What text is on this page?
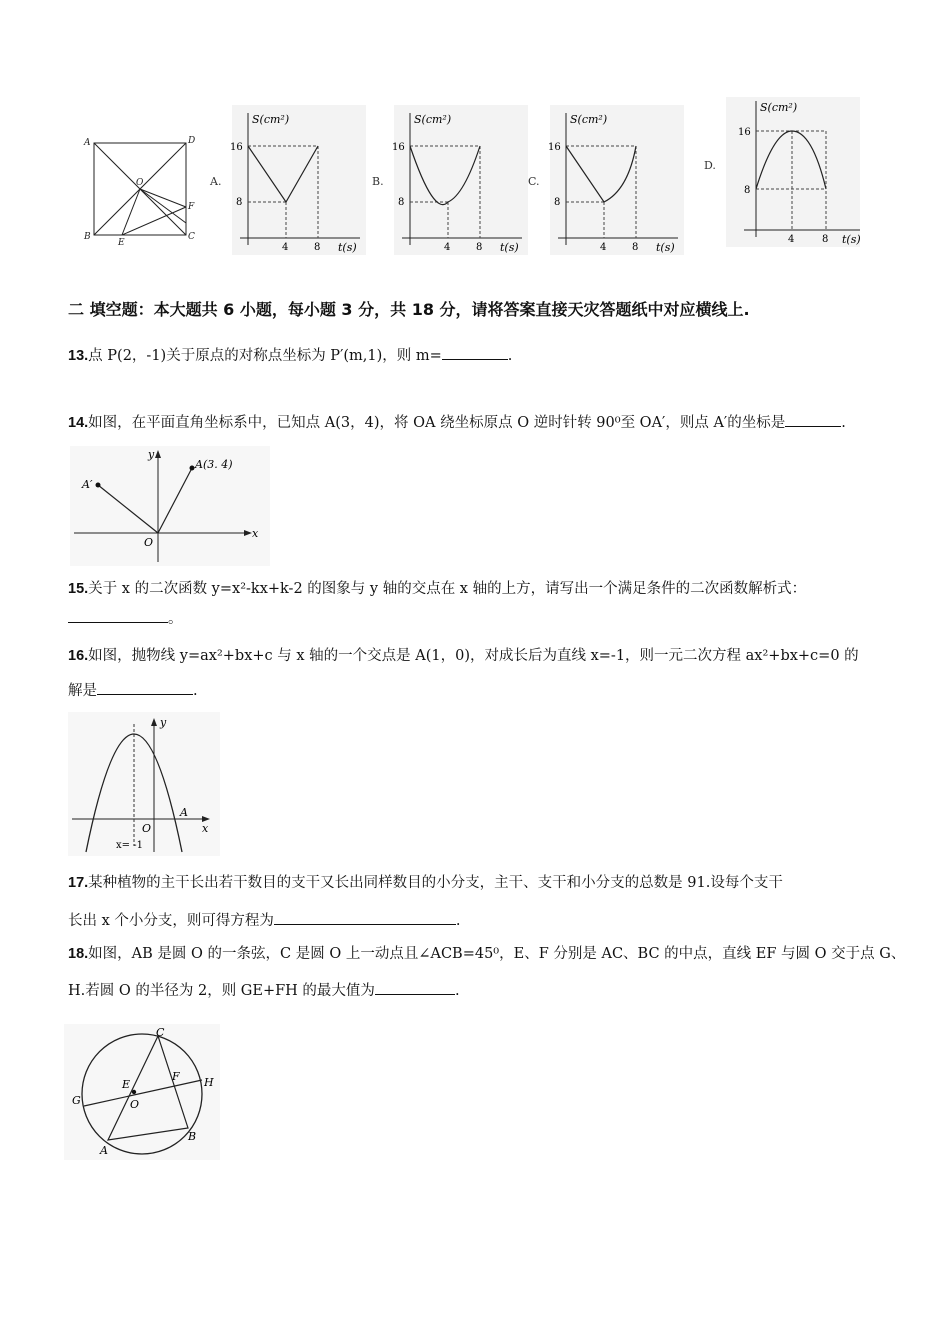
A	D
O
F
B
E
C
A.
S(cm²)
16
8
4	8 t(s)
B.
S(cm²)
16
8
4	8 t(s)
C.
S(cm²)
16
8
4	8 t(s)
D.
S(cm²)
16
8
4	8 t(s)
二 填空题：本大题共 6 小题，每小题 3 分，共 18 分，请将答案直接天灾答题纸中对应横线上.
13.点 P(2，-1)关于原点的对称点坐标为 P′(m,1)，则 m=	.
14.如图，在平面直角坐标系中，已知点 A(3，4)，将 OA 绕坐标原点 O 逆时针转 90⁰至 OA′，则点 A′的坐标是	.
y
x
O
A(3. 4)
A′
15.关于 x 的二次函数 y=x²-kx+k-2 的图象与 y 轴的交点在 x 轴的上方，请写出一个满足条件的二次函数解析式：
。
16.如图，抛物线 y=ax²+bx+c 与 x 轴的一个交点是 A(1，0)，对成长后为直线 x=-1，则一元二次方程 ax²+bx+c=0 的
解是	.
y
x
O
A
x= -1
17.某种植物的主干长出若干数目的支干又长出同样数目的小分支，主干、支干和小分支的总数是 91.设每个支干
长出 x 个小分支，则可得方程为	.
18.如图，AB 是圆 O 的一条弦，C 是圆 O 上一动点且∠ACB=45⁰，E、F 分别是 AC、BC 的中点，直线 EF 与圆 O 交于点 G、
H.若圆 O 的半径为 2，则 GE+FH 的最大值为	.
C
E
F H
G	O
A
B
